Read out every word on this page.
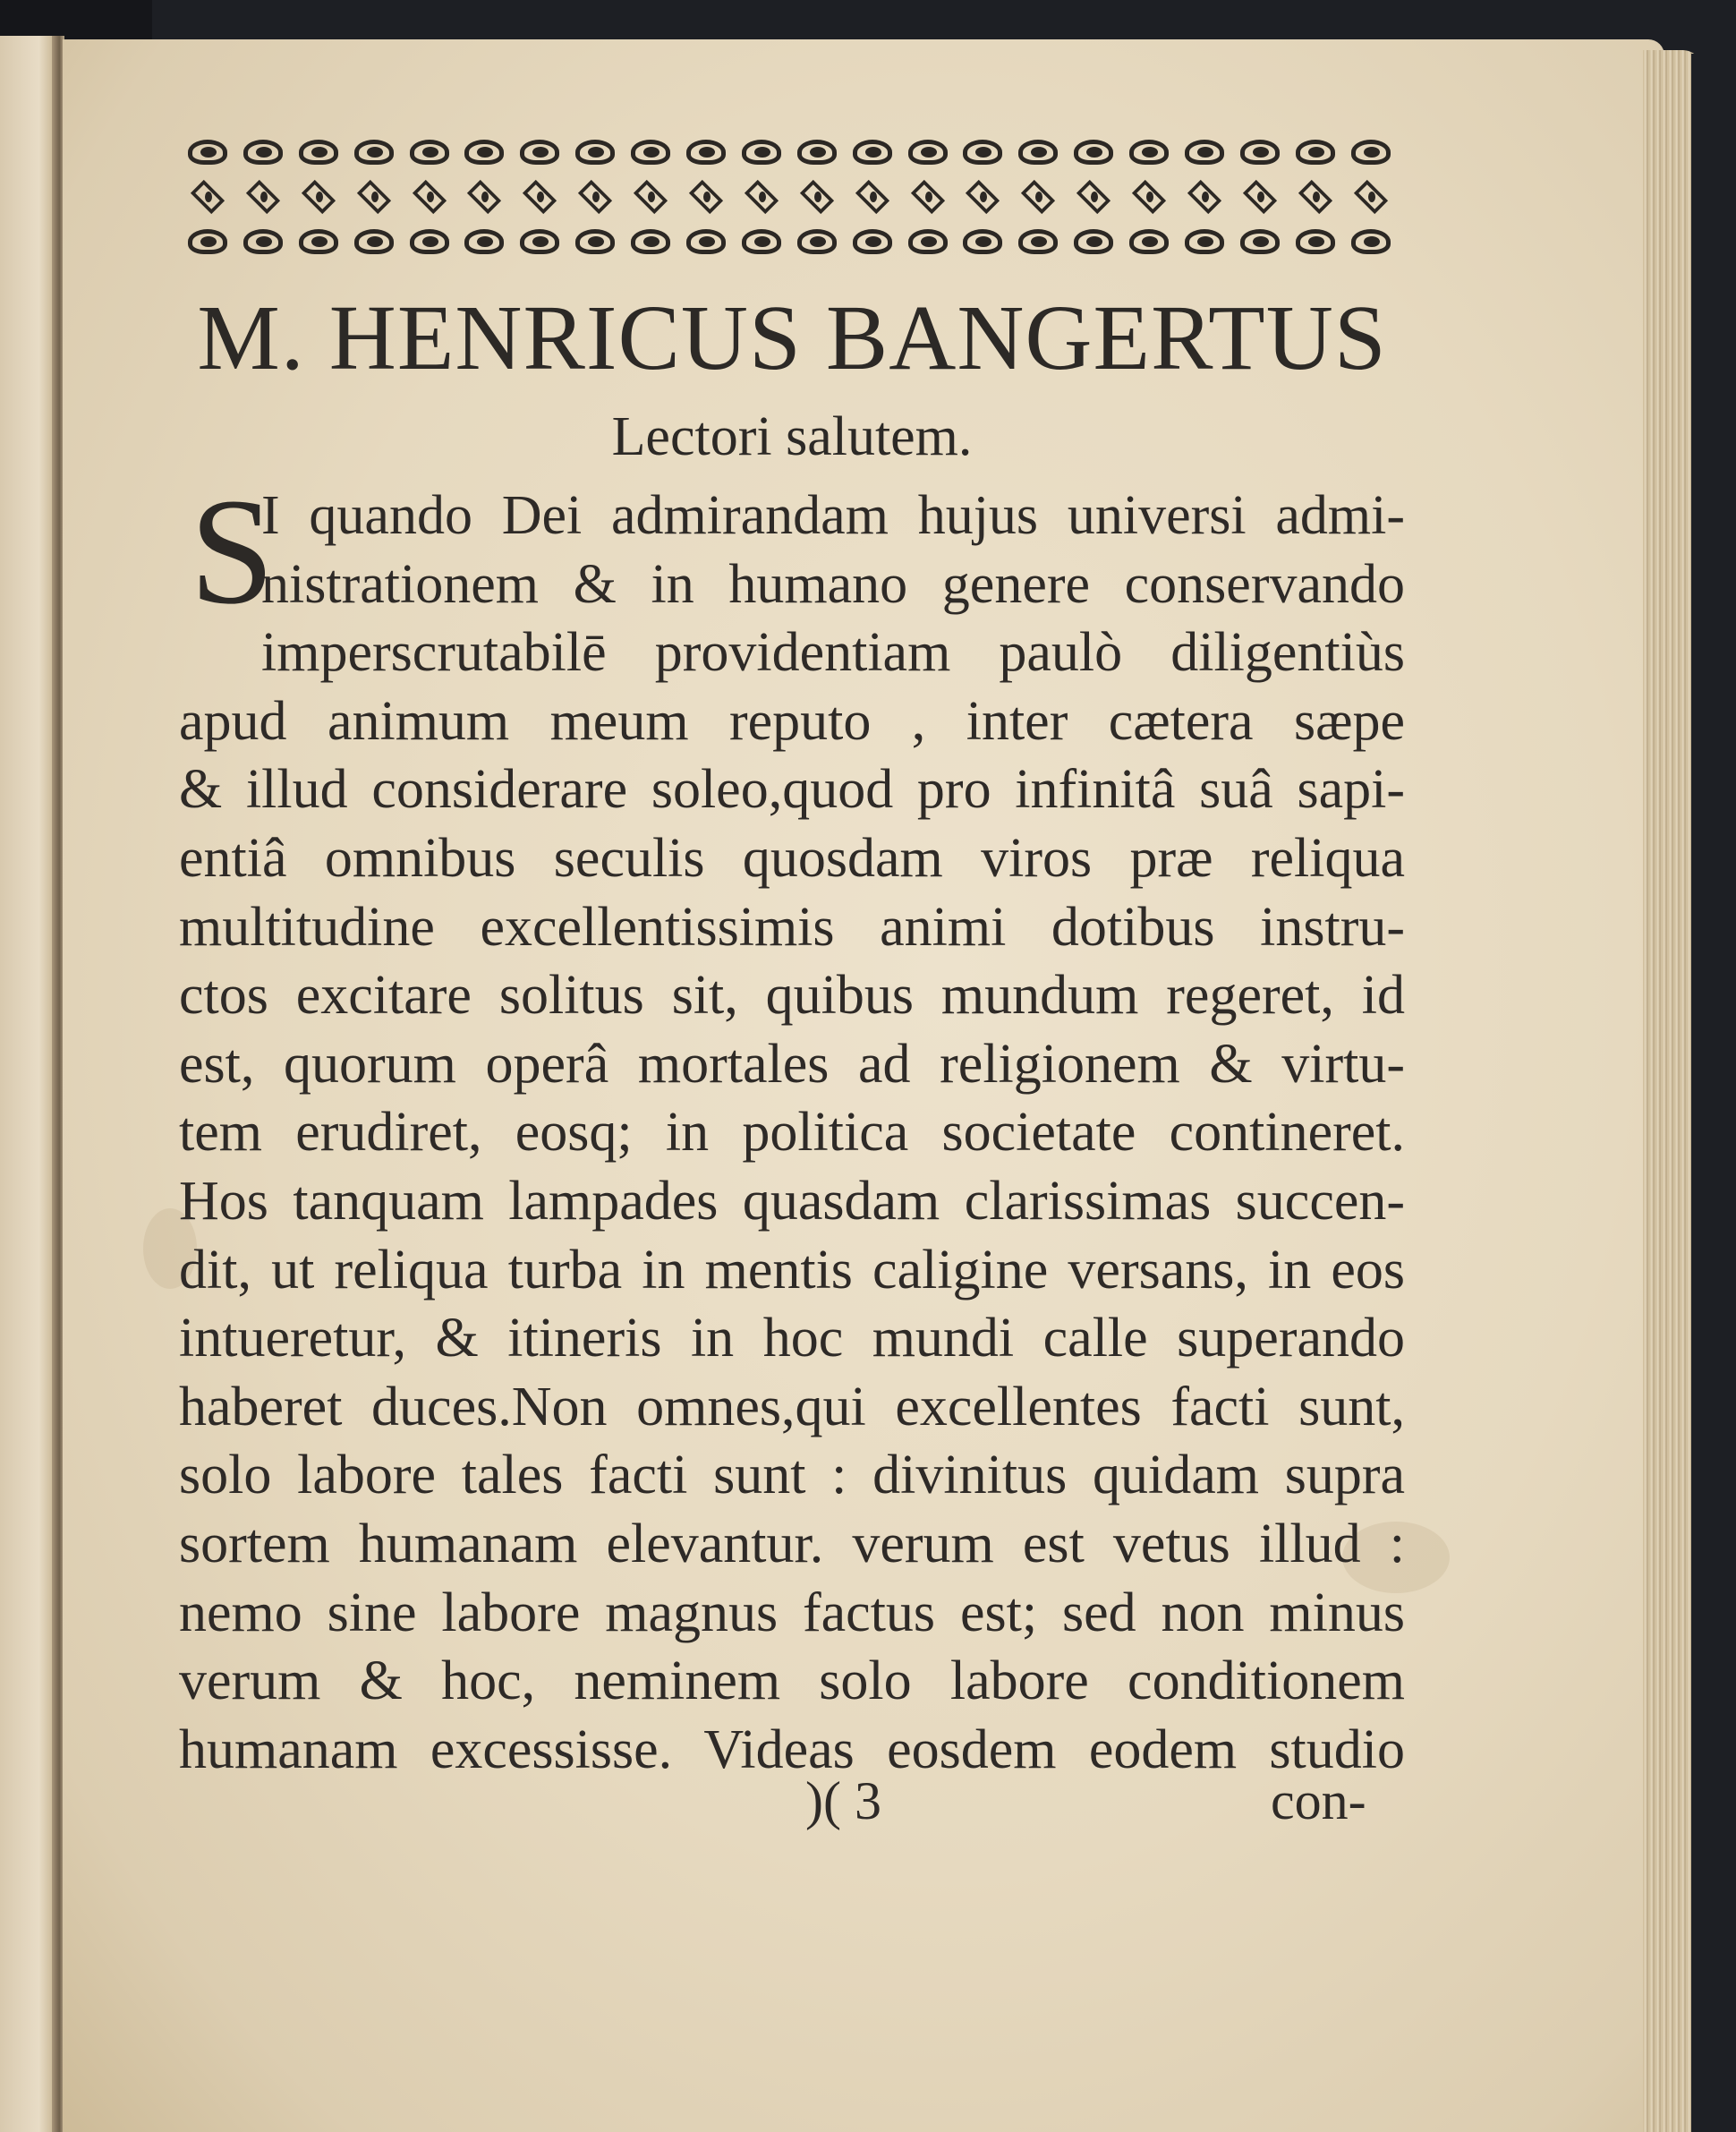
M. HENRICUS BANGERTUS
Lectori salutem.
S
I quando Dei admirandam hujus universi admi-
nistrationem & in humano genere conservando
imperscrutabilē providentiam paulò diligentiùs
apud animum meum reputo , inter cætera sæpe
& illud considerare soleo,quod pro infinitâ suâ sapi-
entiâ omnibus seculis quosdam viros præ reliqua
multitudine excellentissimis animi dotibus instru-
ctos excitare solitus sit, quibus mundum regeret, id
est, quorum operâ mortales ad religionem & virtu-
tem erudiret, eosq; in politica societate contineret.
Hos tanquam lampades quasdam clarissimas succen-
dit, ut reliqua turba in mentis caligine versans, in eos
intueretur, & itineris in hoc mundi calle superando
haberet duces.Non omnes,qui excellentes facti sunt,
solo labore tales facti sunt : divinitus quidam supra
sortem humanam elevantur. verum est vetus illud :
nemo sine labore magnus factus est; sed non minus
verum & hoc, neminem solo labore conditionem
humanam excessisse. Videas eosdem eodem studio
)( 3	con-
